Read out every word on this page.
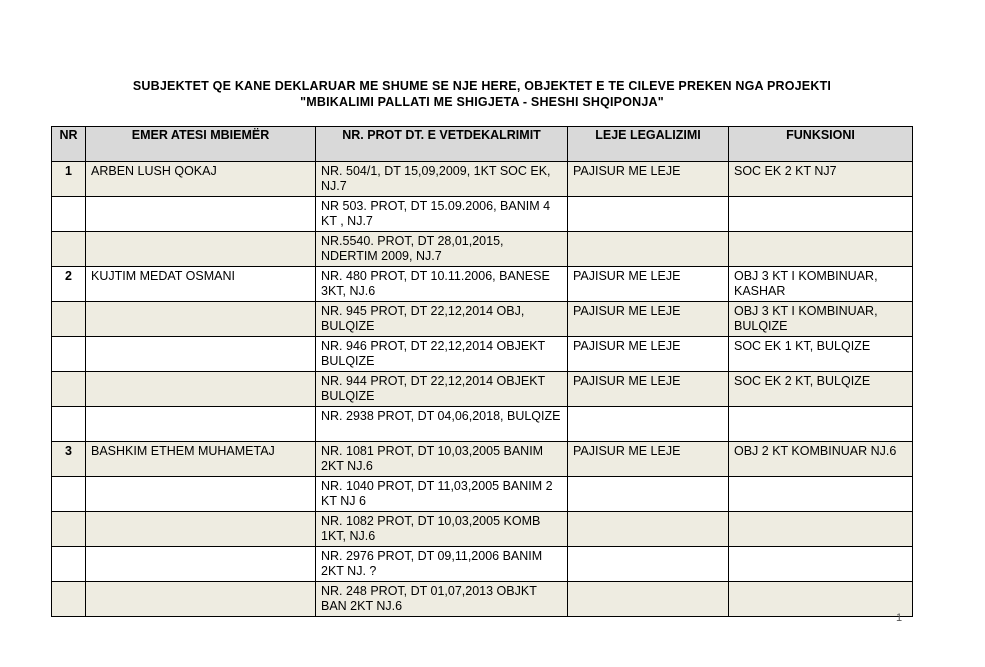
SUBJEKTET QE KANE DEKLARUAR ME SHUME SE NJE HERE, OBJEKTET E TE CILEVE PREKEN NGA PROJEKTI
"MBIKALIMI PALLATI ME SHIGJETA - SHESHI SHQIPONJA"
NR	EMER ATESI MBIEMËR	NR. PROT DT. E VETDEKALRIMIT	LEJE LEGALIZIMI	FUNKSIONI
1	ARBEN LUSH QOKAJ	NR. 504/1, DT 15,09,2009, 1KT SOC EK, NJ.7	PAJISUR ME LEJE	SOC EK 2 KT NJ7
		NR 503. PROT, DT 15.09.2006, BANIM 4 KT , NJ.7		
		NR.5540. PROT, DT 28,01,2015, NDERTIM 2009, NJ.7		
2	KUJTIM MEDAT OSMANI	NR. 480 PROT, DT 10.11.2006, BANESE 3KT, NJ.6	PAJISUR ME LEJE	OBJ 3 KT I KOMBINUAR, KASHAR
		NR. 945 PROT, DT 22,12,2014 OBJ, BULQIZE	PAJISUR ME LEJE	OBJ 3 KT I KOMBINUAR, BULQIZE
		NR. 946 PROT, DT 22,12,2014 OBJEKT BULQIZE	PAJISUR ME LEJE	SOC EK 1 KT, BULQIZE
		NR. 944 PROT, DT 22,12,2014 OBJEKT BULQIZE	PAJISUR ME LEJE	SOC EK 2 KT, BULQIZE
		NR. 2938 PROT, DT 04,06,2018, BULQIZE		
3	BASHKIM ETHEM MUHAMETAJ	NR. 1081 PROT, DT 10,03,2005 BANIM 2KT NJ.6	PAJISUR ME LEJE	OBJ 2 KT KOMBINUAR NJ.6
		NR. 1040 PROT, DT 11,03,2005 BANIM 2 KT NJ 6		
		NR. 1082 PROT, DT 10,03,2005 KOMB 1KT, NJ.6		
		NR. 2976 PROT, DT 09,11,2006 BANIM 2KT NJ. ?		
		NR. 248 PROT, DT 01,07,2013 OBJKT BAN 2KT NJ.6		
1
